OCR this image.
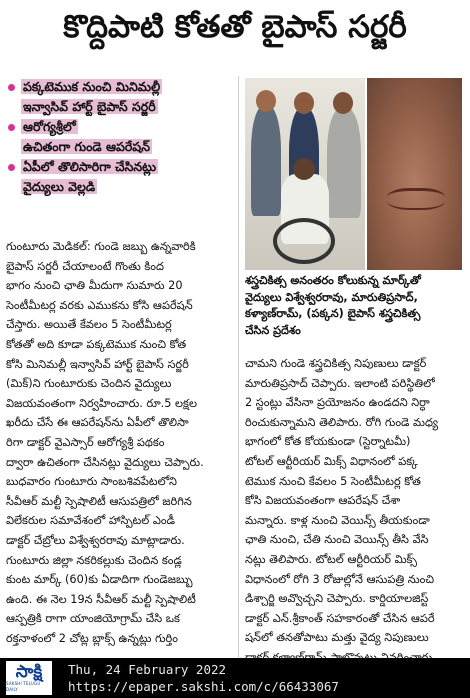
కొద్దిపాటి కోతతో బైపాస్ సర్జరీ
పక్కటెముక నుంచి మినిమల్లీ
ఇన్వాసివ్ హార్ట్ బైపాస్ సర్జరీ
ఆరోగ్యశ్రీలో
ఉచితంగా గుండె ఆపరేషన్
ఏపీలో తొలిసారిగా చేసినట్లు
వైద్యులు వెల్లడి
శస్త్రచికిత్స అనంతరం కోలుకున్న మార్క్‌తో
వైద్యులు విశ్వేశ్వరరావు, మారుతిప్రసాద్,
కళ్యాణ్‌రామ్, (పక్కన) బైపాస్ శస్త్రచికిత్స
చేసిన ప్రదేశం
గుంటూరు మెడికల్: గుండె జబ్బు ఉన్నవారికి
బైపాస్ సర్జరీ చేయాలంటే గొంతు కింద
భాగం నుంచి ఛాతి మీదుగా సుమారు 20
సెంటీమీటర్ల వరకు ఎముకను కోసి ఆపరేషన్
చేస్తారు. అయితే కేవలం 5 సెంటీమీటర్ల
కోతతో అది కూడా పక్కటెముక నుంచి కోత
కోసి మినిమల్లీ ఇన్వాసివ్ హార్ట్ బైపాస్ సర్జరీ
(మిక్)ని గుంటూరుకు చెందిన వైద్యులు
విజయవంతంగా నిర్వహించారు. రూ.5 లక్షల
ఖరీదు చేసే ఈ ఆపరేషన్‌ను ఏపీలో తొలిసా
రిగా డాక్టర్ వైఎస్సార్ ఆరోగ్యశ్రీ పథకం
ద్వారా ఉచితంగా చేసినట్లు వైద్యులు చెప్పారు.
బుధవారం గుంటూరు సాంబశివపేటలోని
సీవీఆర్ మల్టీ స్పెషాలిటీ ఆసుపత్రిలో జరిగిన
విలేకరుల సమావేశంలో హాస్పిటల్ ఎండీ
డాక్టర్ చేబ్రోలు విశ్వేశ్వరరావు మాట్లాడారు.
గుంటూరు జిల్లా నకరికల్లుకు చెందిన కండ్ల
కుంట మార్క్ (60)కు ఏడాదిగా గుండెజబ్బు
ఉంది. ఈ నెల 19న సీవీఆర్ మల్టీ స్పెషాలిటీ
ఆస్పత్రికి రాగా యాంజియోగ్రామ్ చేసి ఒక
రక్తనాళంలో 2 చోట్ల బ్లాక్స్ ఉన్నట్లు గుర్తిం
చామని గుండె శస్త్రచికిత్స నిపుణులు డాక్టర్
మారుతిప్రసాద్ చెప్పారు. ఇలాంటి పరిస్థితిలో
2 స్టంట్లు వేసినా ప్రయోజనం ఉండదని నిర్ధా
రించుకున్నామని తెలిపారు. రోగి గుండె మధ్య
భాగంలో కోత కోయకుండా (స్టెర్నాటమీ)
టోటల్ ఆర్టీరియర్ మిక్స్ విధానంలో పక్క
టెముక నుంచి కేవలం 5 సెంటీమీటర్ల కోత
కోసి విజయవంతంగా ఆపరేషన్ చేశా
మన్నారు. కాళ్ల నుంచి వెయిన్స్ తీయకుండా
ఛాతి నుంచి, చేతి నుంచి వెయిన్స్ తీసి వేసి
నట్లు తెలిపారు. టోటల్ ఆర్టీరియర్ మిక్స్
విధానంలో రోగి 3 రోజుల్లోనే ఆసుపత్రి నుంచి
డిశ్చార్జి అవ్వొచ్చని చెప్పారు. కార్డియాలజిస్ట్
డాక్టర్ ఎన్.శ్రీకాంత్ సహకారంతో చేసిన ఆపరే
షన్‌లో తనతోపాటు మత్తు వైద్య నిపుణులు
సాక్షి
SAKSHI TELUGU DAILY
Thu, 24 February 2022
https://epaper.sakshi.com/c/66433067
